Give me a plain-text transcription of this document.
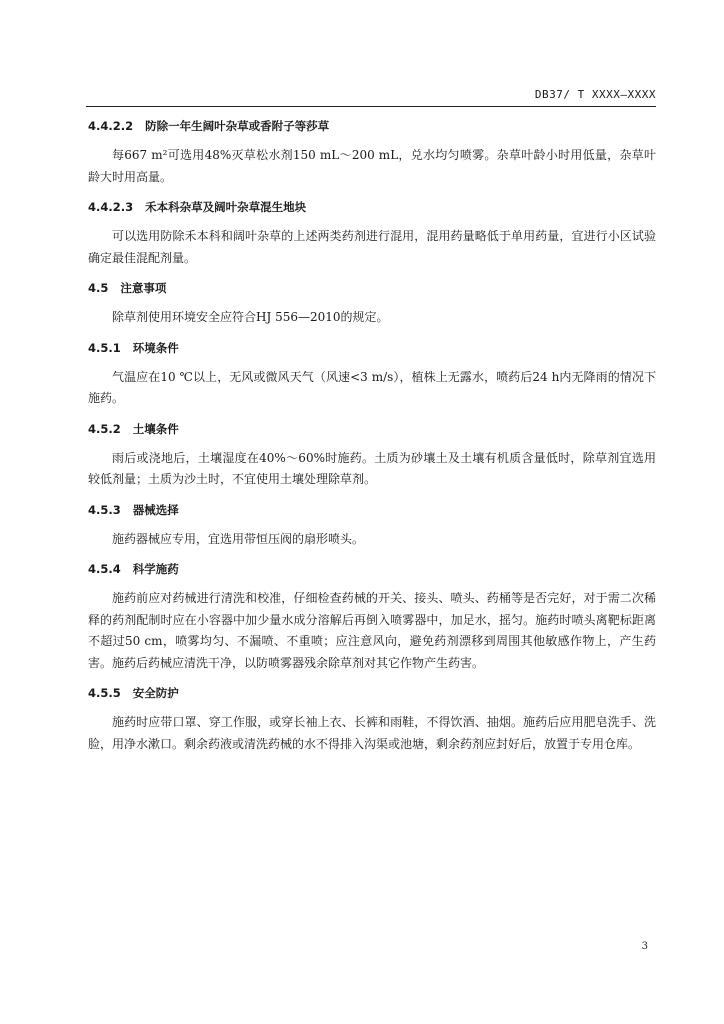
DB37/ T XXXX—XXXX
4.4.2.2 防除一年生阔叶杂草或香附子等莎草

每667 m²可选用48%灭草松水剂150 mL～200 mL，兑水均匀喷雾。杂草叶龄小时用低量，杂草叶龄大时用高量。

4.4.2.3 禾本科杂草及阔叶杂草混生地块

可以选用防除禾本科和阔叶杂草的上述两类药剂进行混用，混用药量略低于单用药量，宜进行小区试验确定最佳混配剂量。

4.5 注意事项

除草剂使用环境安全应符合HJ 556—2010的规定。

4.5.1 环境条件

气温应在10 ℃以上，无风或微风天气（风速<3 m/s），植株上无露水，喷药后24 h内无降雨的情况下施药。

4.5.2 土壤条件

雨后或浇地后，土壤湿度在40%～60%时施药。土质为砂壤土及土壤有机质含量低时，除草剂宜选用较低剂量；土质为沙土时，不宜使用土壤处理除草剂。

4.5.3 器械选择

施药器械应专用，宜选用带恒压阀的扇形喷头。

4.5.4 科学施药

施药前应对药械进行清洗和校准，仔细检查药械的开关、接头、喷头、药桶等是否完好，对于需二次稀释的药剂配制时应在小容器中加少量水成分溶解后再倒入喷雾器中，加足水，摇匀。施药时喷头离靶标距离不超过50 cm，喷雾均匀、不漏喷、不重喷；应注意风向，避免药剂漂移到周围其他敏感作物上，产生药害。施药后药械应清洗干净，以防喷雾器残余除草剂对其它作物产生药害。

4.5.5 安全防护

施药时应带口罩、穿工作服，或穿长袖上衣、长裤和雨鞋，不得饮酒、抽烟。施药后应用肥皂洗手、洗脸，用净水漱口。剩余药液或清洗药械的水不得排入沟渠或池塘，剩余药剂应封好后，放置于专用仓库。

3
